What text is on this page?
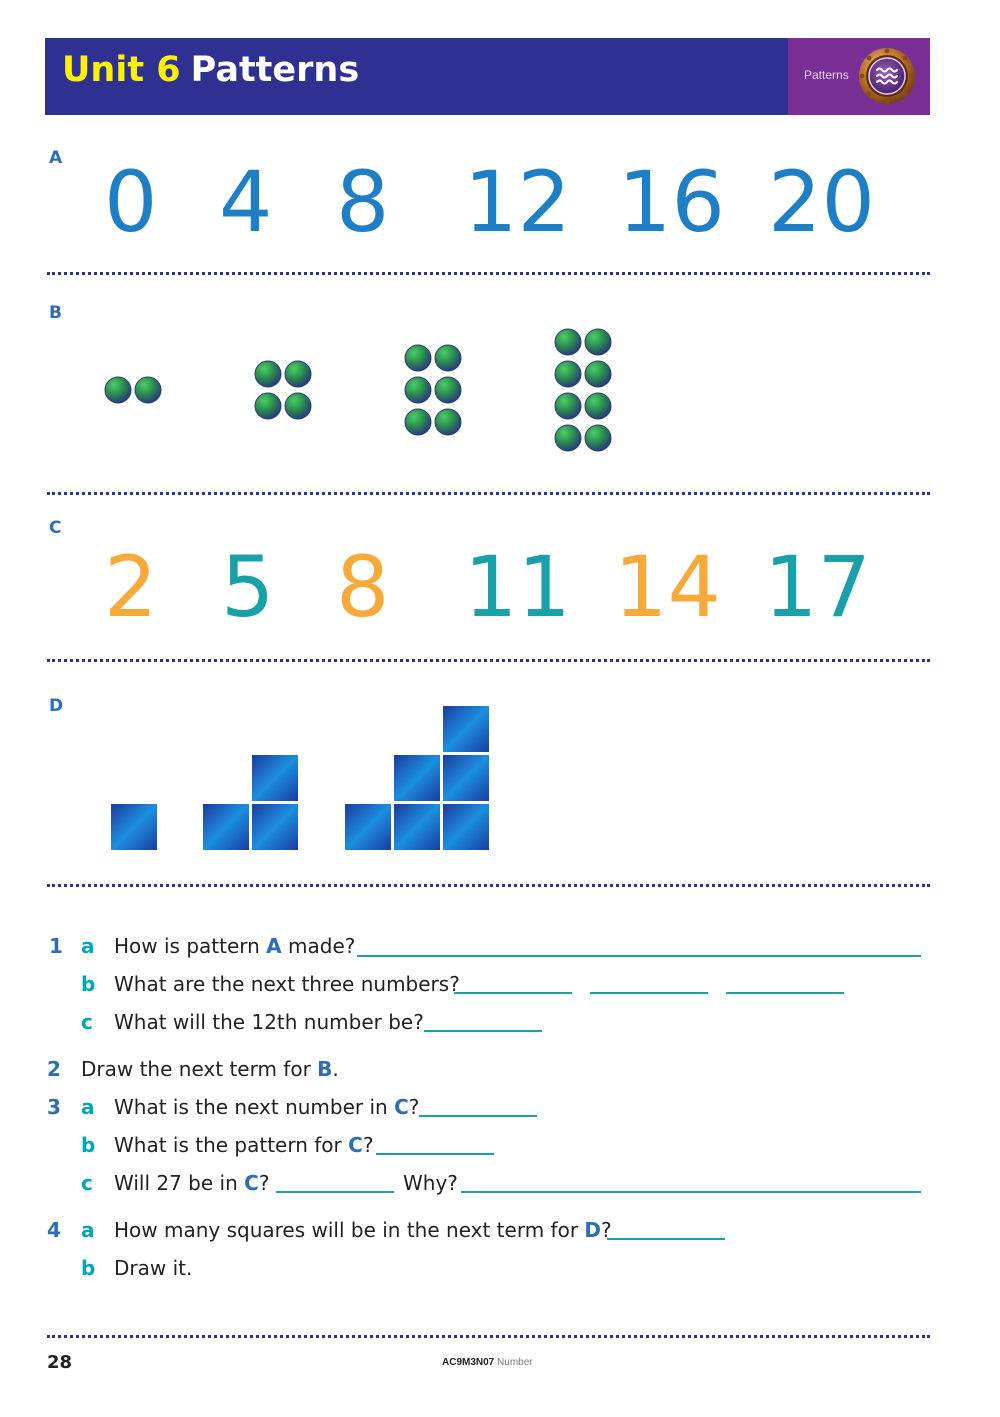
Unit 6 Patterns	Patterns
A 0 4 8 12 16 20
B
C
2 5 8 11 14 17
D
1 a How is pattern A made?
b What are the next three numbers?
c What will the 12th number be?
2 Draw the next term for B.
3 a What is the next number in C?
b What is the pattern for C?
c Will 27 be in C?	Why?
4 a How many squares will be in the next term for D?
b Draw it.
28	AC9M3N07 Number
